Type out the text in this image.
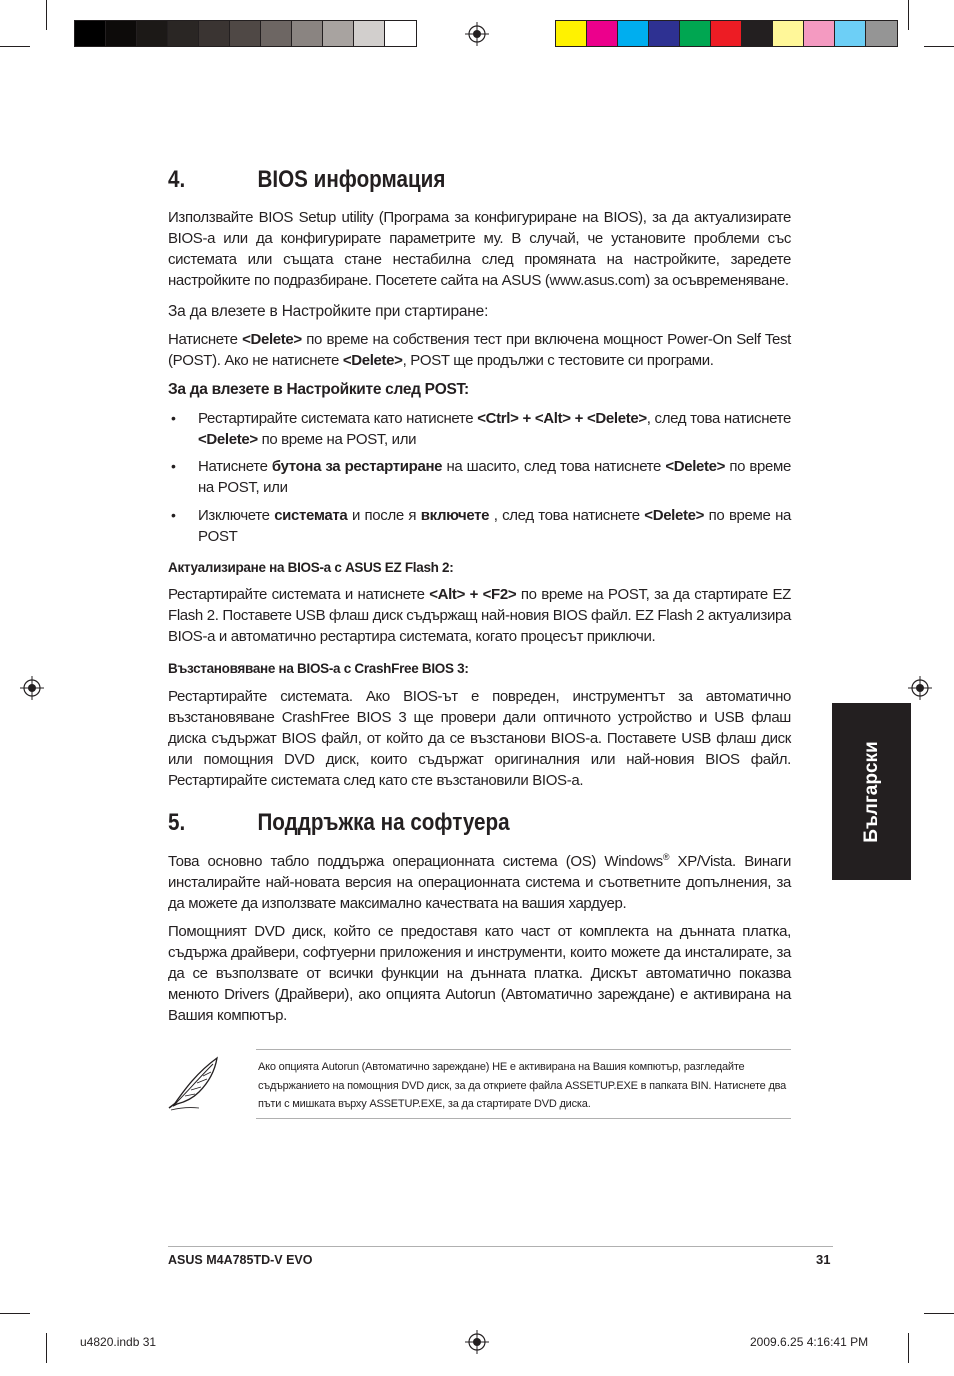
4.	BIOS информация
Използвайте BIOS Setup utility (Програма за конфигуриране на BIOS), за да актуализирате BIOS-а или да конфигурирате параметрите му. В случай, че установите проблеми със системата или същата стане нестабилна след промяната на настройките, заредете настройките по подразбиране. Посетете сайта на ASUS (www.asus.com) за осъвременяване.
За да влезете в Настройките при стартиране:
Натиснете <Delete> по време на собствения тест при включена мощност Power-On Self Test (POST). Ако не натиснете <Delete>, POST ще продължи с тестовите си програми.
За да влезете в Настройките след POST:
• Рестартирайте системата като натиснете <Ctrl> + <Alt> + <Delete>, след това натиснете <Delete> по време на POST, или
• Натиснете бутона за рестартиране на шасито, след това натиснете <Delete> по време на POST, или
• Изключете системата и после я включете , след това натиснете <Delete> по време на POST
Актуализиране на BIOS-а с ASUS EZ Flash 2:
Рестартирайте системата и натиснете <Alt> + <F2> по време на POST, за да стартирате EZ Flash 2. Поставете USB флаш диск съдържащ най-новия BIOS файл. EZ Flash 2 актуализира BIOS-а и автоматично рестартира системата, когато процесът приключи.
Възстановяване на BIOS-а с CrashFree BIOS 3:
Рестартирайте системата. Ако BIOS-ът е повреден, инструментът за автоматично възстановяване CrashFree BIOS 3 ще провери дали оптичното устройство и USB флаш диска съдържат BIOS файл, от който да се възстанови BIOS-а. Поставете USB флаш диск или помощния DVD диск, които съдържат оригиналния или най-новия BIOS файл. Рестартирайте системата след като сте възстановили BIOS-а.
5.	Поддръжка на софтуера
Това основно табло поддържа операционната система (OS) Windows® XP/Vista. Винаги инсталирайте най-новата версия на операционната система и съответните допълнения, за да можете да използвате максимално качествата на вашия хардуер.
Помощният DVD диск, който се предоставя като част от комплекта на дънната платка, съдържа драйвери, софтуерни приложения и инструменти, които можете да инсталирате, за да се възползвате от всички функции на дънната платка. Дискът автоматично показва менюто Drivers (Драйвери), ако опцията Autorun (Автоматично зареждане) е активирана на Вашия компютър.
Български
Ако опцията Autorun (Автоматично зареждане) НЕ е активирана на Вашия компютър, разгледайте съдържанието на помощния DVD диск, за да откриете файла ASSETUP.EXE в папката BIN. Натиснете два пъти с мишката върху ASSETUP.EXE, за да стартирате DVD диска.
ASUS M4A785TD-V EVO	31
u4820.indb 31	2009.6.25 4:16:41 PM
